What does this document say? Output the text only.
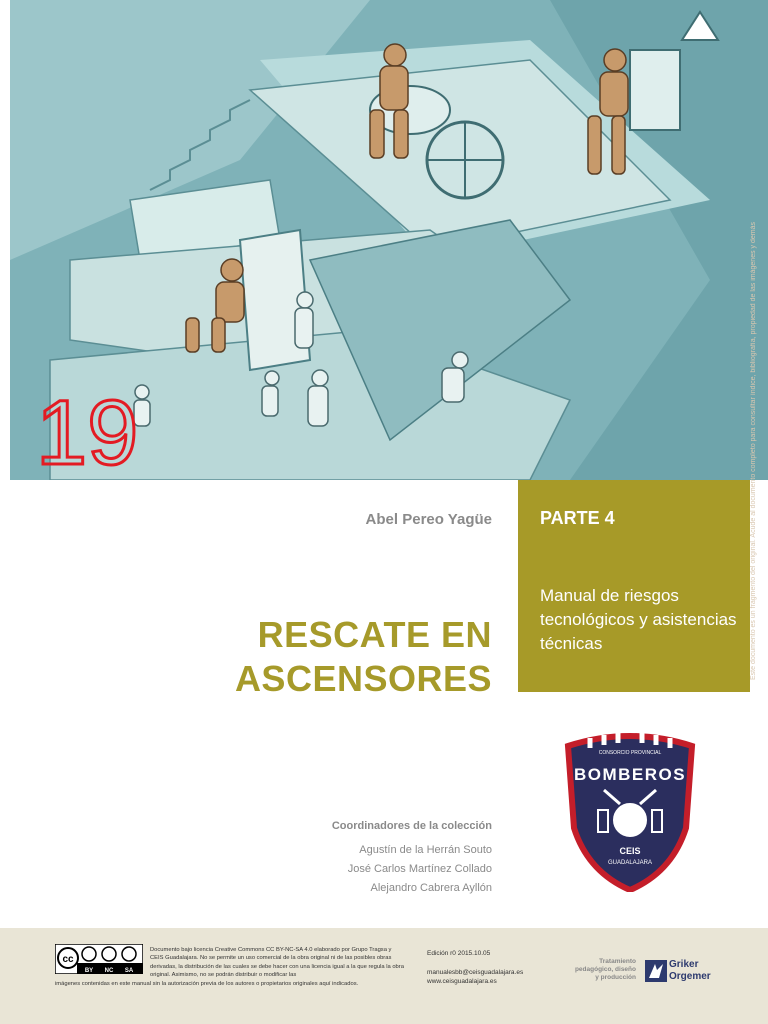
19	Este documento es un fragmento del original. Acude al documento completo para consultar índice, bibliografía, propiedad de las imágenes y demás
Abel Pereo Yagüe
RESCATE EN
ASCENSORES
PARTE 4
Manual de riesgos tecnológicos y asistencias técnicas
CONSORCIO PROVINCIAL
BOMBEROS
CEIS
GUADALAJARA
Coordinadores de la colección
Agustín de la Herrán Souto
José Carlos Martínez Collado
Alejandro Cabrera Ayllón
cc
BY NC SA
Documento bajo licencia Creative Commons CC BY-NC-SA 4.0 elaborado por Grupo Tragsa y CEIS Guadalajara. No se permite un uso comercial de la obra original ni de las posibles obras derivadas, la distribución de las cuales se debe hacer con una licencia igual a la que regula la obra original. Asimismo, no se podrán distribuir o modificar las
imágenes contenidas en este manual sin la autorización previa de los autores o propietarios originales aquí indicados.
Edición r0 2015.10.05
manualesbb@ceisguadalajara.es
www.ceisguadalajara.es
Tratamiento pedagógico, diseño y producción
Griker
Orgemer
